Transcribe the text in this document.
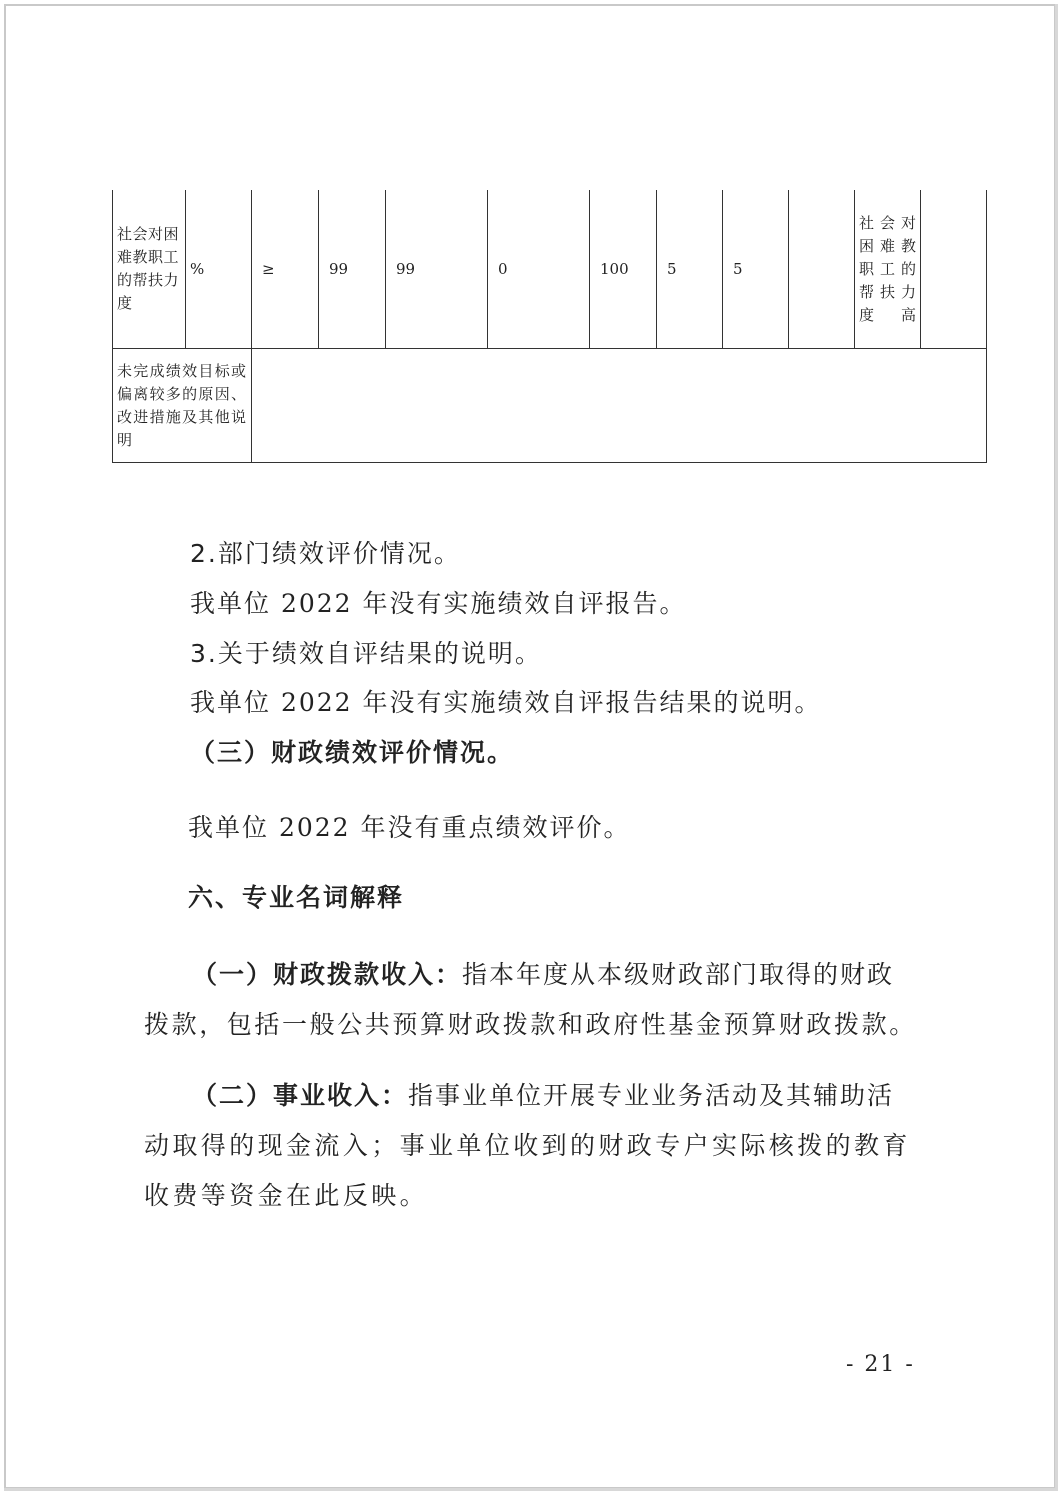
社会对困难教职工的帮扶力度	%	≥	99	99	0	100	5	5		社会对困难教职工的帮扶力度高	
未完成绩效目标或偏离较多的原因、改进措施及其他说明											
2.部门绩效评价情况。
我单位 2022 年没有实施绩效自评报告。
3.关于绩效自评结果的说明。
我单位 2022 年没有实施绩效自评报告结果的说明。
（三）财政绩效评价情况。
我单位 2022 年没有重点绩效评价。
六、专业名词解释
（一）财政拨款收入：指本年度从本级财政部门取得的财政
拨款，包括一般公共预算财政拨款和政府性基金预算财政拨款。
（二）事业收入：指事业单位开展专业业务活动及其辅助活
动取得的现金流入；事业单位收到的财政专户实际核拨的教育
收费等资金在此反映。
- 21 -
